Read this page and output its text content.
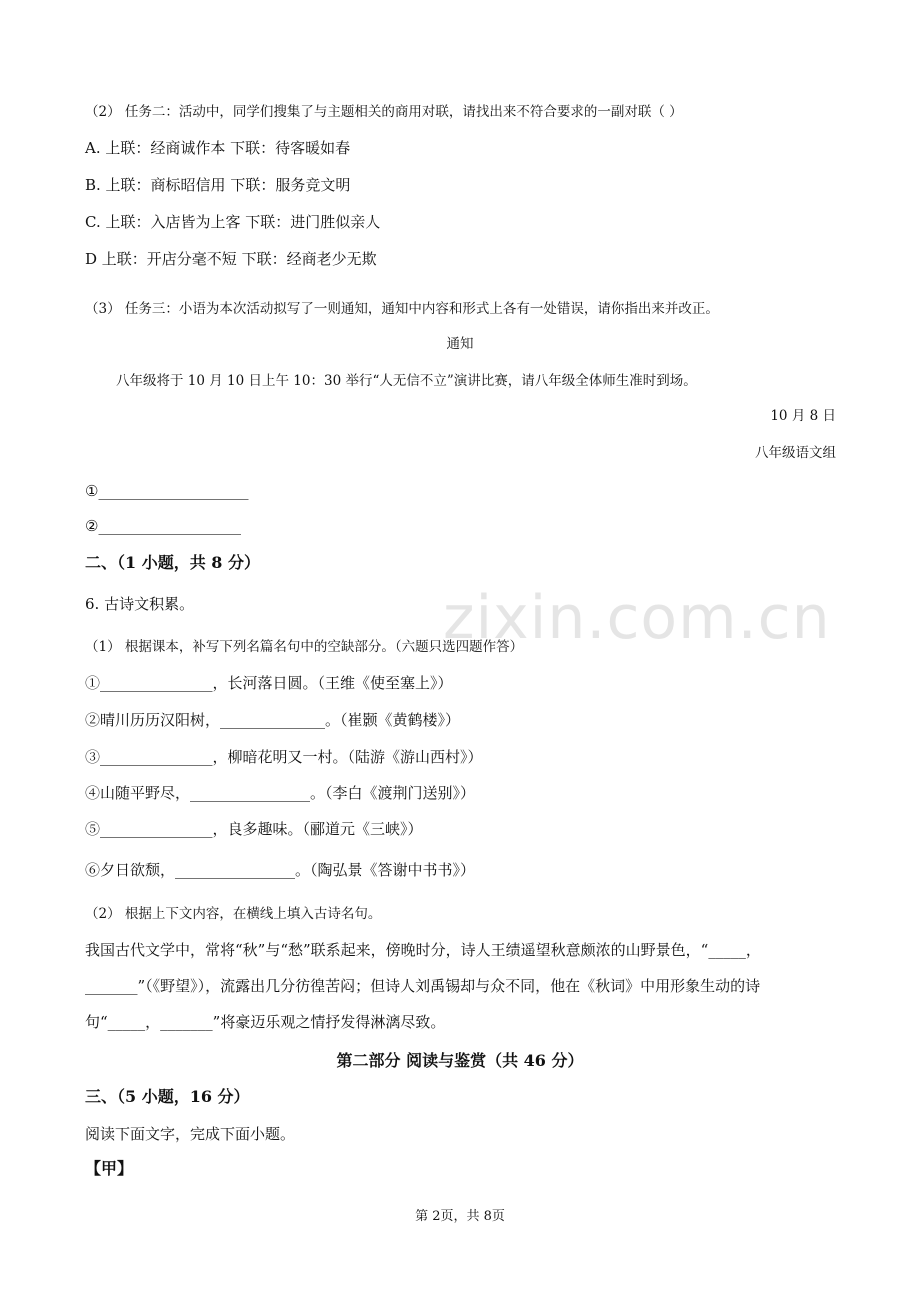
zixin.com.cn
（2） 任务二：活动中，同学们搜集了与主题相关的商用对联，请找出来不符合要求的一副对联（ ）
A. 上联：经商诚作本 下联：待客暖如春
B. 上联：商标昭信用 下联：服务竞文明
C. 上联：入店皆为上客 下联：进门胜似亲人
D 上联：开店分毫不短 下联：经商老少无欺
（3） 任务三：小语为本次活动拟写了一则通知，通知中内容和形式上各有一处错误，请你指出来并改正。
通知
八年级将于 10 月 10 日上午 10：30 举行“人无信不立”演讲比赛，请八年级全体师生准时到场。
10 月 8 日
八年级语文组
①____________________
②___________________
二、（1 小题，共 8 分）
6. 古诗文积累。
（1） 根据课本，补写下列名篇名句中的空缺部分。（六题只选四题作答）
①_______________，长河落日圆。（王维《使至塞上》）
②晴川历历汉阳树，______________。（崔颢《黄鹤楼》）
③_______________，柳暗花明又一村。（陆游《游山西村》）
④山随平野尽，________________。（李白《渡荆门送别》）
⑤_______________，良多趣味。（郦道元《三峡》）
⑥夕日欲颓，________________。（陶弘景《答谢中书书》）
（2） 根据上下文内容，在横线上填入古诗名句。
我国古代文学中，常将“秋”与“愁”联系起来，傍晚时分，诗人王绩遥望秋意颇浓的山野景色，“_____，
_______”（《野望》），流露出几分彷徨苦闷；但诗人刘禹锡却与众不同，他在《秋词》中用形象生动的诗
句“_____，_______”将豪迈乐观之情抒发得淋漓尽致。
第二部分 阅读与鉴赏（共 46 分）
三、（5 小题，16 分）
阅读下面文字，完成下面小题。
【甲】
第 2页，共 8页
